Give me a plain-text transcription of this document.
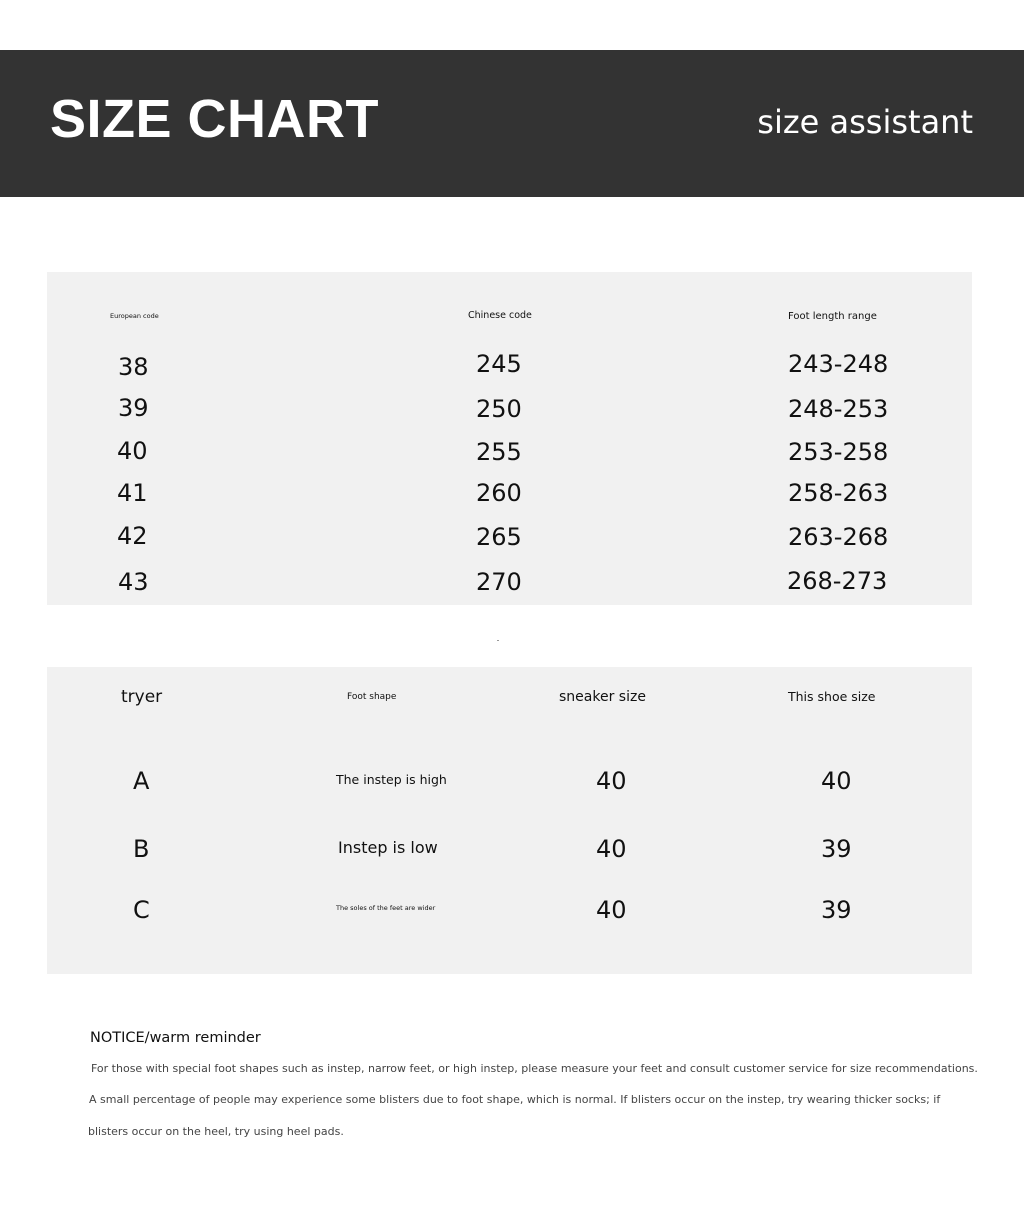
SIZE CHART	size assistant
European code	Chinese code	Foot length range
38	245	243-248
39	250	248-253
40	255	253-258
41	260	258-263
42	265	263-268
43	270	268-273
tryer	Foot shape	sneaker size	This shoe size
A	The instep is high	40	40
B	Instep is low	40	39
C	The soles of the feet are wider	40	39
NOTICE/warm reminder
For those with special foot shapes such as instep, narrow feet, or high instep, please measure your feet and consult customer service for size recommendations.
A small percentage of people may experience some blisters due to foot shape, which is normal. If blisters occur on the instep, try wearing thicker socks; if
blisters occur on the heel, try using heel pads.
